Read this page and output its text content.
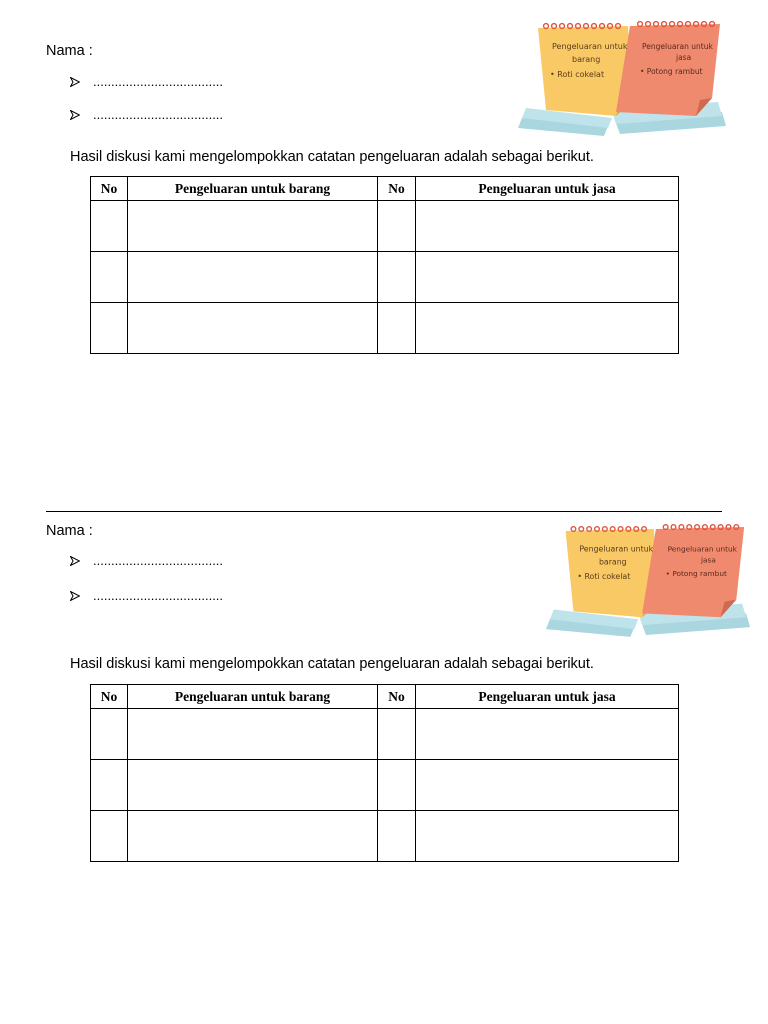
Nama :
....................................
....................................
Hasil diskusi kami mengelompokkan catatan pengeluaran adalah sebagai berikut.
Pengeluaran untuk
barang
• Roti cokelat
Pengeluaran untuk
jasa
• Potong rambut
No	Pengeluaran untuk barang	No	Pengeluaran untuk jasa

Nama :
....................................
....................................
Hasil diskusi kami mengelompokkan catatan pengeluaran adalah sebagai berikut.
Pengeluaran untuk
barang
• Roti cokelat
Pengeluaran untuk
jasa
• Potong rambut
No	Pengeluaran untuk barang	No	Pengeluaran untuk jasa
